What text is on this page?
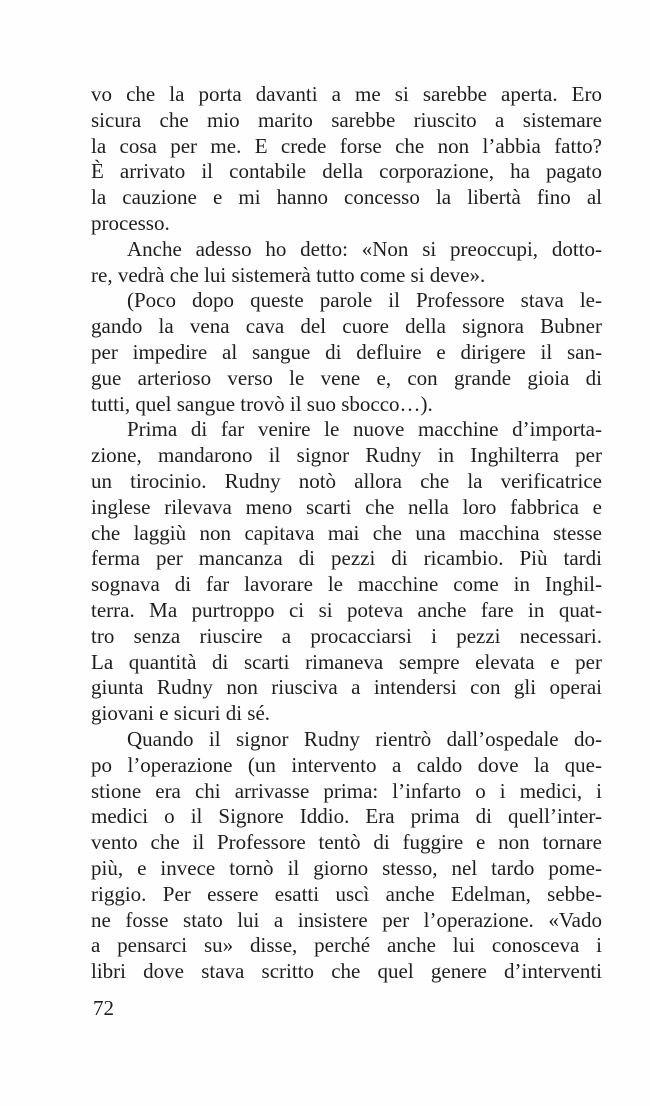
vo che la porta davanti a me si sarebbe aperta. Ero
sicura che mio marito sarebbe riuscito a sistemare
la cosa per me. E crede forse che non l’abbia fatto?
È arrivato il contabile della corporazione, ha pagato
la cauzione e mi hanno concesso la libertà fino al
processo.
Anche adesso ho detto: «Non si preoccupi, dotto-
re, vedrà che lui sistemerà tutto come si deve».
(Poco dopo queste parole il Professore stava le-
gando la vena cava del cuore della signora Bubner
per impedire al sangue di defluire e dirigere il san-
gue arterioso verso le vene e, con grande gioia di
tutti, quel sangue trovò il suo sbocco…).
Prima di far venire le nuove macchine d’importa-
zione, mandarono il signor Rudny in Inghilterra per
un tirocinio. Rudny notò allora che la verificatrice
inglese rilevava meno scarti che nella loro fabbrica e
che laggiù non capitava mai che una macchina stesse
ferma per mancanza di pezzi di ricambio. Più tardi
sognava di far lavorare le macchine come in Inghil-
terra. Ma purtroppo ci si poteva anche fare in quat-
tro senza riuscire a procacciarsi i pezzi necessari.
La quantità di scarti rimaneva sempre elevata e per
giunta Rudny non riusciva a intendersi con gli operai
giovani e sicuri di sé.
Quando il signor Rudny rientrò dall’ospedale do-
po l’operazione (un intervento a caldo dove la que-
stione era chi arrivasse prima: l’infarto o i medici, i
medici o il Signore Iddio. Era prima di quell’inter-
vento che il Professore tentò di fuggire e non tornare
più, e invece tornò il giorno stesso, nel tardo pome-
riggio. Per essere esatti uscì anche Edelman, sebbe-
ne fosse stato lui a insistere per l’operazione. «Vado
a pensarci su» disse, perché anche lui conosceva i
libri dove stava scritto che quel genere d’interventi
72
